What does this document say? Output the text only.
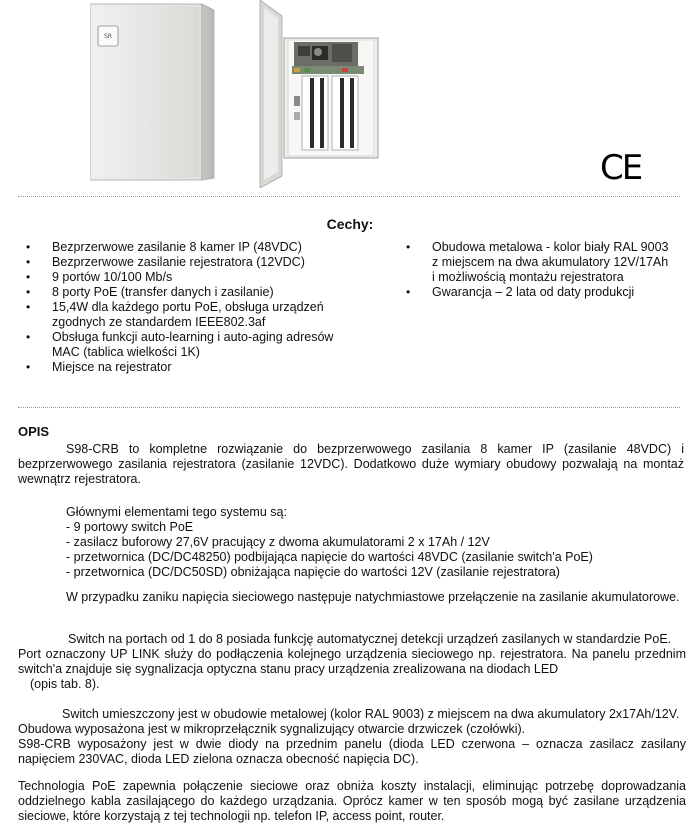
SR
CE
Cechy:
• Bezprzerwowe zasilanie 8 kamer IP (48VDC)
• Bezprzerwowe zasilanie rejestratora (12VDC)
• 9 portów 10/100 Mb/s
• 8 porty PoE (transfer danych i zasilanie)
• 15,4W dla każdego portu PoE, obsługa urządzeń zgodnych ze standardem IEEE802.3af
• Obsługa funkcji auto-learning i auto-aging adresów MAC (tablica wielkości 1K)
• Miejsce na rejestrator
• Obudowa metalowa - kolor biały RAL 9003 z miejscem na dwa akumulatory 12V/17Ah i możliwością montażu rejestratora
• Gwarancja – 2 lata od daty produkcji
OPIS
S98-CRB to kompletne rozwiązanie do bezprzerwowego zasilania 8 kamer IP (zasilanie 48VDC) i bezprzerwowego zasilania rejestratora (zasilanie 12VDC). Dodatkowo duże wymiary obudowy pozwalają na montaż wewnątrz rejestratora.
Głównymi elementami tego systemu są:
- 9 portowy switch PoE
- zasilacz buforowy 27,6V pracujący z dwoma akumulatorami 2 x 17Ah / 12V
- przetwornica (DC/DC48250) podbijająca napięcie do wartości 48VDC (zasilanie switch'a PoE)
- przetwornica (DC/DC50SD) obniżająca napięcie do wartości 12V (zasilanie rejestratora)
W przypadku zaniku napięcia sieciowego następuje natychmiastowe przełączenie na zasilanie akumulatorowe.
Switch na portach od 1 do 8 posiada funkcję automatycznej detekcji urządzeń zasilanych w standardzie PoE.
Port oznaczony UP LINK służy do podłączenia kolejnego urządzenia sieciowego np. rejestratora. Na panelu przednim switch'a znajduje się sygnalizacja optyczna stanu pracy urządzenia zrealizowana na diodach LED
(opis tab. 8).
Switch umieszczony jest w obudowie metalowej (kolor RAL 9003) z miejscem na dwa akumulatory 2x17Ah/12V.
Obudowa wyposażona jest w mikroprzełącznik sygnalizujący otwarcie drzwiczek (czołówki).
S98-CRB wyposażony jest w dwie diody na przednim panelu (dioda LED czerwona – oznacza zasilacz zasilany napięciem 230VAC, dioda LED zielona oznacza obecność napięcia DC).
Technologia PoE zapewnia połączenie sieciowe oraz obniża koszty instalacji, eliminując potrzebę doprowadzania oddzielnego kabla zasilającego do każdego urządzania. Oprócz kamer w ten sposób mogą być zasilane urządzenia sieciowe, które korzystają z tej technologii np. telefon IP, access point, router.
